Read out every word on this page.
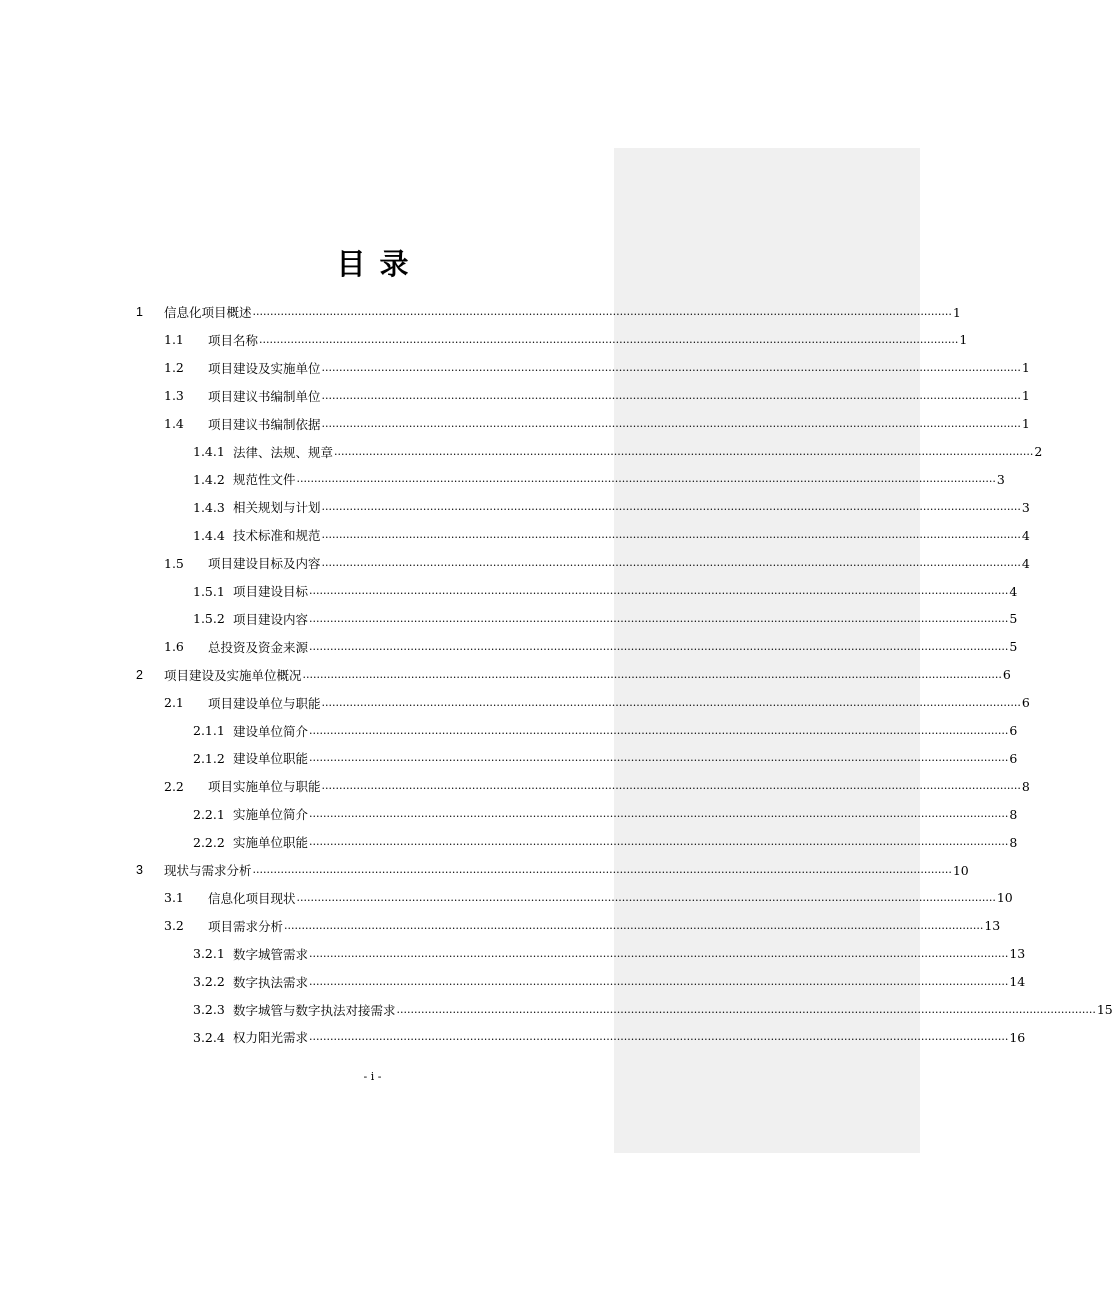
目录
1	信息化项目概述 ........................................................................................................................................................................................................ 1
1.1	项目名称 ........................................................................................................................................................................................................ 1
1.2	项目建设及实施单位 ........................................................................................................................................................................................................ 1
1.3	项目建议书编制单位 ........................................................................................................................................................................................................ 1
1.4	项目建议书编制依据 ........................................................................................................................................................................................................ 1
1.4.1 法律、法规、规章 ........................................................................................................................................................................................................ 2
1.4.2 规范性文件 ........................................................................................................................................................................................................ 3
1.4.3 相关规划与计划 ........................................................................................................................................................................................................ 3
1.4.4 技术标准和规范 ........................................................................................................................................................................................................ 4
1.5	项目建设目标及内容 ........................................................................................................................................................................................................ 4
1.5.1 项目建设目标 ........................................................................................................................................................................................................ 4
1.5.2 项目建设内容 ........................................................................................................................................................................................................ 5
1.6	总投资及资金来源 ........................................................................................................................................................................................................ 5
2	项目建设及实施单位概况 ........................................................................................................................................................................................................ 6
2.1	项目建设单位与职能 ........................................................................................................................................................................................................ 6
2.1.1 建设单位简介 ........................................................................................................................................................................................................ 6
2.1.2 建设单位职能 ........................................................................................................................................................................................................ 6
2.2	项目实施单位与职能 ........................................................................................................................................................................................................ 8
2.2.1 实施单位简介 ........................................................................................................................................................................................................ 8
2.2.2 实施单位职能 ........................................................................................................................................................................................................ 8
3	现状与需求分析 ........................................................................................................................................................................................................ 10
3.1	信息化项目现状 ........................................................................................................................................................................................................ 10
3.2	项目需求分析 ........................................................................................................................................................................................................ 13
3.2.1 数字城管需求 ........................................................................................................................................................................................................ 13
3.2.2 数字执法需求 ........................................................................................................................................................................................................ 14
3.2.3 数字城管与数字执法对接需求 ........................................................................................................................................................................................................ 15
3.2.4 权力阳光需求 ........................................................................................................................................................................................................ 16
- i -
